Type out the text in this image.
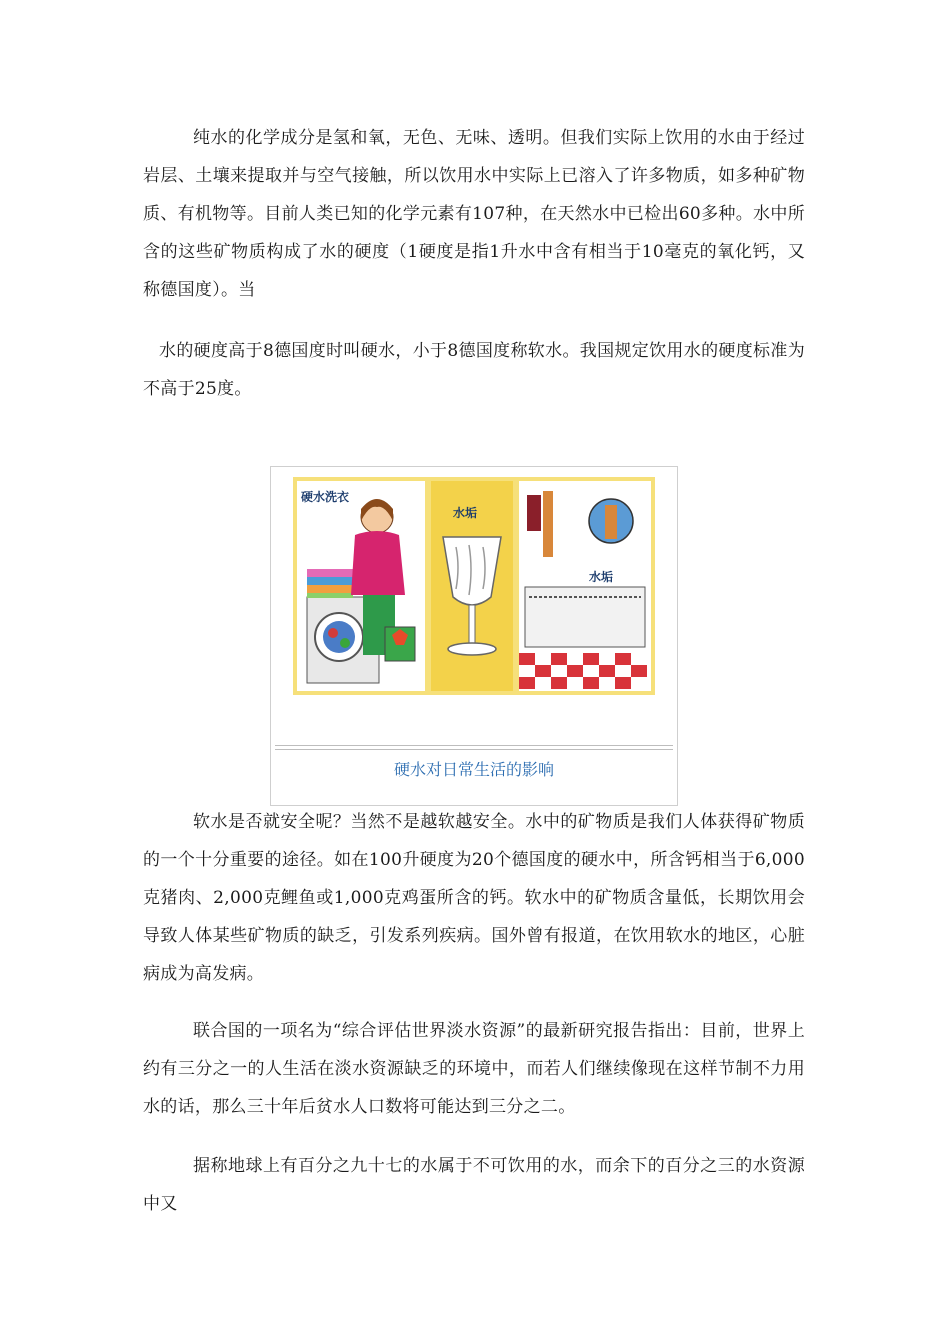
纯水的化学成分是氢和氧，无色、无味、透明。但我们实际上饮用的水由于经过岩层、土壤来提取并与空气接触，所以饮用水中实际上已溶入了许多物质，如多种矿物质、有机物等。目前人类已知的化学元素有107种，在天然水中已检出60多种。水中所含的这些矿物质构成了水的硬度（1硬度是指1升水中含有相当于10毫克的氧化钙，又称德国度）。当

水的硬度高于8德国度时叫硬水，小于8德国度称软水。我国规定饮用水的硬度标准为不高于25度。

硬水洗衣
水垢
水垢
硬水对日常生活的影响

软水是否就安全呢？当然不是越软越安全。水中的矿物质是我们人体获得矿物质的一个十分重要的途径。如在100升硬度为20个德国度的硬水中，所含钙相当于6,000克猪肉、2,000克鲤鱼或1,000克鸡蛋所含的钙。软水中的矿物质含量低，长期饮用会导致人体某些矿物质的缺乏，引发系列疾病。国外曾有报道，在饮用软水的地区，心脏病成为高发病。

联合国的一项名为“综合评估世界淡水资源”的最新研究报告指出：目前，世界上约有三分之一的人生活在淡水资源缺乏的环境中，而若人们继续像现在这样节制不力用水的话，那么三十年后贫水人口数将可能达到三分之二。

据称地球上有百分之九十七的水属于不可饮用的水，而余下的百分之三的水资源中又
